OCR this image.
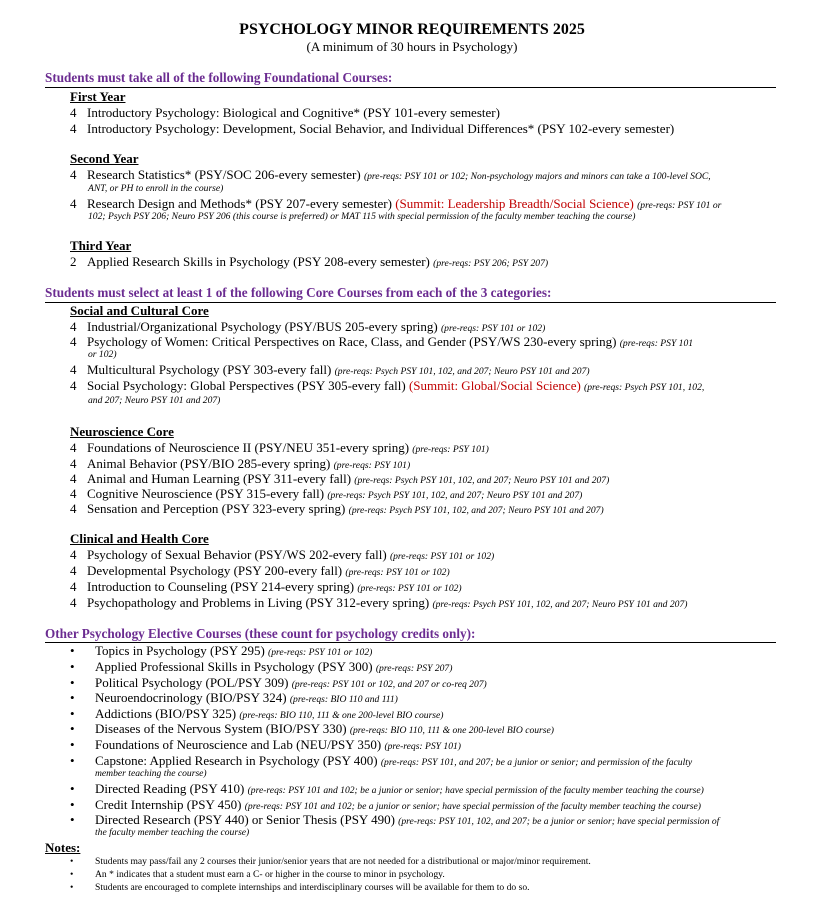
PSYCHOLOGY MINOR REQUIREMENTS 2025
(A minimum of 30 hours in Psychology)
Students must take all of the following Foundational Courses:
First Year
4 Introductory Psychology: Biological and Cognitive* (PSY 101-every semester)
4 Introductory Psychology: Development, Social Behavior, and Individual Differences* (PSY 102-every semester)
Second Year
4 Research Statistics* (PSY/SOC 206-every semester) (pre-reqs: PSY 101 or 102; Non-psychology majors and minors can take a 100-level SOC,
ANT, or PH to enroll in the course)
4 Research Design and Methods* (PSY 207-every semester) (Summit: Leadership Breadth/Social Science) (pre-reqs: PSY 101 or
102; Psych PSY 206; Neuro PSY 206 (this course is preferred) or MAT 115 with special permission of the faculty member teaching the course)
Third Year
2 Applied Research Skills in Psychology (PSY 208-every semester) (pre-reqs: PSY 206; PSY 207)
Students must select at least 1 of the following Core Courses from each of the 3 categories:
Social and Cultural Core
4 Industrial/Organizational Psychology (PSY/BUS 205-every spring) (pre-reqs: PSY 101 or 102)
4 Psychology of Women: Critical Perspectives on Race, Class, and Gender (PSY/WS 230-every spring) (pre-reqs: PSY 101
or 102)
4 Multicultural Psychology (PSY 303-every fall) (pre-reqs: Psych PSY 101, 102, and 207; Neuro PSY 101 and 207)
4 Social Psychology: Global Perspectives (PSY 305-every fall) (Summit: Global/Social Science) (pre-reqs: Psych PSY 101, 102,
and 207; Neuro PSY 101 and 207)
Neuroscience Core
4 Foundations of Neuroscience II (PSY/NEU 351-every spring) (pre-reqs: PSY 101)
4 Animal Behavior (PSY/BIO 285-every spring) (pre-reqs: PSY 101)
4 Animal and Human Learning (PSY 311-every fall) (pre-reqs: Psych PSY 101, 102, and 207; Neuro PSY 101 and 207)
4 Cognitive Neuroscience (PSY 315-every fall) (pre-reqs: Psych PSY 101, 102, and 207; Neuro PSY 101 and 207)
4 Sensation and Perception (PSY 323-every spring) (pre-reqs: Psych PSY 101, 102, and 207; Neuro PSY 101 and 207)
Clinical and Health Core
4 Psychology of Sexual Behavior (PSY/WS 202-every fall) (pre-reqs: PSY 101 or 102)
4 Developmental Psychology (PSY 200-every fall) (pre-reqs: PSY 101 or 102)
4 Introduction to Counseling (PSY 214-every spring) (pre-reqs: PSY 101 or 102)
4 Psychopathology and Problems in Living (PSY 312-every spring) (pre-reqs: Psych PSY 101, 102, and 207; Neuro PSY 101 and 207)
Other Psychology Elective Courses (these count for psychology credits only):
• Topics in Psychology (PSY 295) (pre-reqs: PSY 101 or 102)
• Applied Professional Skills in Psychology (PSY 300) (pre-reqs: PSY 207)
• Political Psychology (POL/PSY 309) (pre-reqs: PSY 101 or 102, and 207 or co-req 207)
• Neuroendocrinology (BIO/PSY 324) (pre-reqs: BIO 110 and 111)
• Addictions (BIO/PSY 325) (pre-reqs: BIO 110, 111 & one 200-level BIO course)
• Diseases of the Nervous System (BIO/PSY 330) (pre-reqs: BIO 110, 111 & one 200-level BIO course)
• Foundations of Neuroscience and Lab (NEU/PSY 350) (pre-reqs: PSY 101)
• Capstone: Applied Research in Psychology (PSY 400) (pre-reqs: PSY 101, and 207; be a junior or senior; and permission of the faculty
member teaching the course)
• Directed Reading (PSY 410) (pre-reqs: PSY 101 and 102; be a junior or senior; have special permission of the faculty member teaching the course)
• Credit Internship (PSY 450) (pre-reqs: PSY 101 and 102; be a junior or senior; have special permission of the faculty member teaching the course)
• Directed Research (PSY 440) or Senior Thesis (PSY 490) (pre-reqs: PSY 101, 102, and 207; be a junior or senior; have special permission of
the faculty member teaching the course)
Notes:
• Students may pass/fail any 2 courses their junior/senior years that are not needed for a distributional or major/minor requirement.
• An * indicates that a student must earn a C- or higher in the course to minor in psychology.
• Students are encouraged to complete internships and interdisciplinary courses will be available for them to do so.
